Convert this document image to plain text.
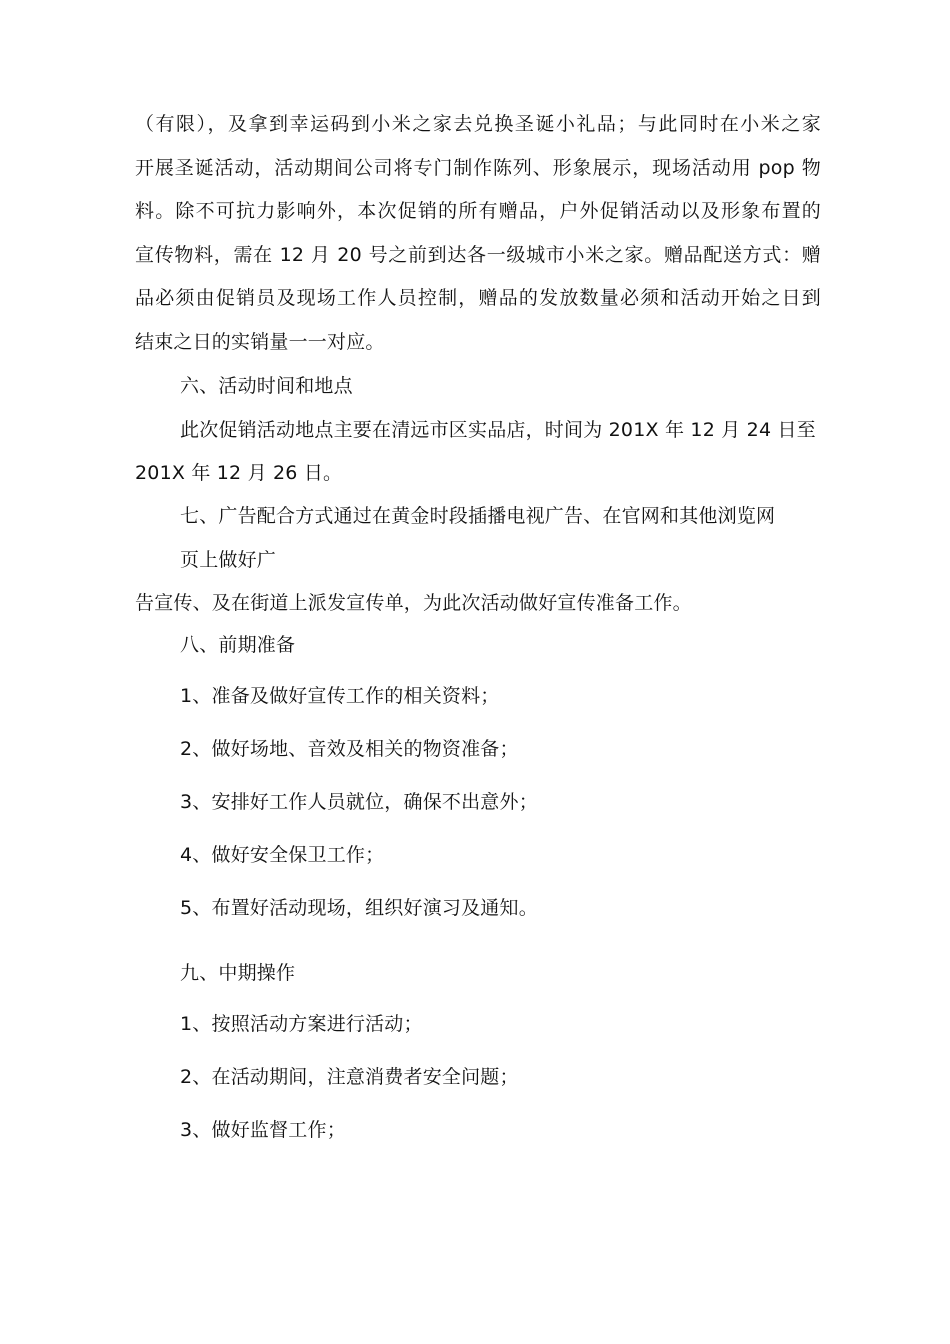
（有限），及拿到幸运码到小米之家去兑换圣诞小礼品；与此同时在小米之家
开展圣诞活动，活动期间公司将专门制作陈列、形象展示，现场活动用 pop 物
料。除不可抗力影响外，本次促销的所有赠品，户外促销活动以及形象布置的
宣传物料，需在 12 月 20 号之前到达各一级城市小米之家。赠品配送方式：赠
品必须由促销员及现场工作人员控制，赠品的发放数量必须和活动开始之日到
结束之日的实销量一一对应。
六、活动时间和地点
此次促销活动地点主要在清远市区实品店，时间为 201X 年 12 月 24 日至
201X 年 12 月 26 日。
七、广告配合方式通过在黄金时段插播电视广告、在官网和其他浏览网
页上做好广
告宣传、及在街道上派发宣传单，为此次活动做好宣传准备工作。
八、前期准备
1、准备及做好宣传工作的相关资料；
2、做好场地、音效及相关的物资准备；
3、安排好工作人员就位，确保不出意外；
4、做好安全保卫工作；
5、布置好活动现场，组织好演习及通知。
九、中期操作
1、按照活动方案进行活动；
2、在活动期间，注意消费者安全问题；
3、做好监督工作；
